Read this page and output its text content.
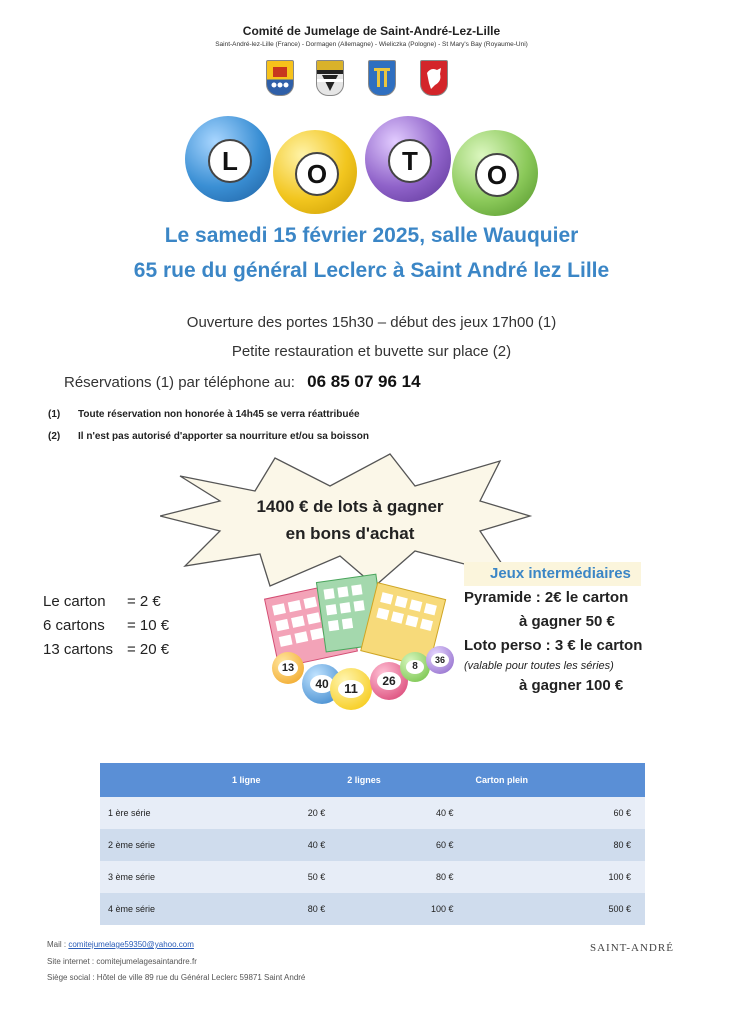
Comité de Jumelage de Saint-André-Lez-Lille
Saint-André-lez-Lille (France) - Dormagen (Allemagne) - Wieliczka (Pologne) - St Mary's Bay (Royaume-Uni)
L	O	T	O
Le samedi 15 février 2025, salle Wauquier
65 rue du général Leclerc à Saint André lez Lille
Ouverture des portes 15h30 – début des jeux 17h00 (1)
Petite restauration et buvette sur place (2)
Réservations (1) par téléphone au: 06 85 07 96 14
(1) Toute réservation non honorée à 14h45 se verra réattribuée
(2) Il n'est pas autorisé d'apporter sa nourriture et/ou sa boisson
1400 € de lots à gagner
en bons d'achat
Le carton = 2 €
6 cartons = 10 €
13 cartons = 20 €
13
40	11	26
8
36
Jeux intermédiaires
Pyramide : 2€ le carton
à gagner 50 €
Loto perso : 3 € le carton
(valable pour toutes les séries)
à gagner 100 €
	1 ligne	2 lignes	Carton plein
1 ère série	20 €	40 €	60 €
2 ème série	40 €	60 €	80 €
3 ème série	50 €	80 €	100 €
4 ème série	80 €	100 €	500 €
Mail : comitejumelage59350@yahoo.com
Site internet : comitejumelagesaintandre.fr
Siège social : Hôtel de ville 89 rue du Général Leclerc 59871 Saint André
SAINT-ANDRÉ
